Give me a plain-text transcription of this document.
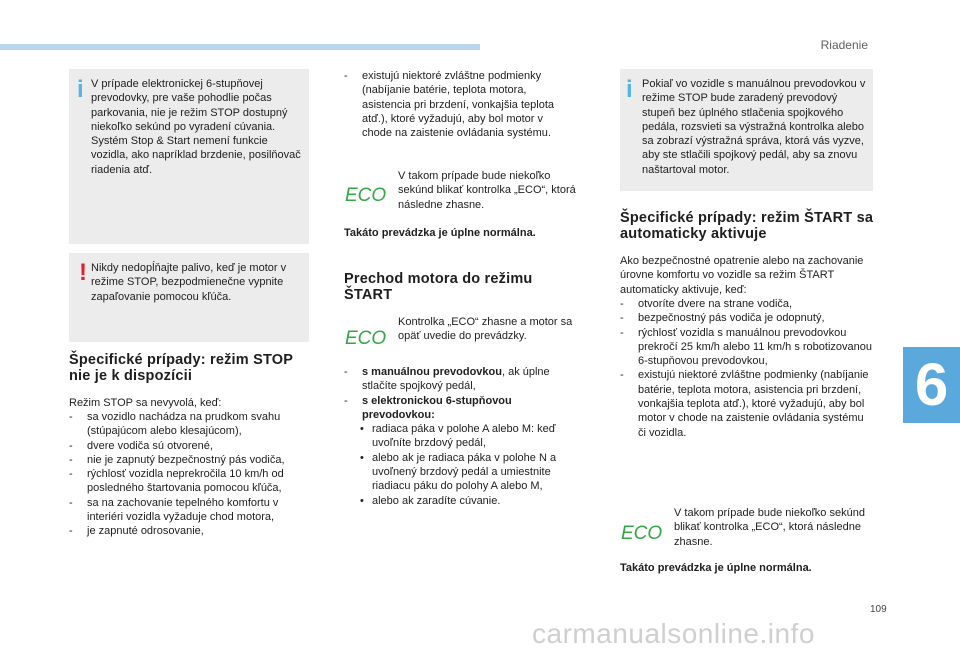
Riadenie
6
i V prípade elektronickej 6-stupňovej prevodovky, pre vaše pohodlie počas parkovania, nie je režim STOP dostupný niekoľko sekúnd po vyradení cúvania. Systém Stop & Start nemení funkcie vozidla, ako napríklad brzdenie, posilňovač riadenia atď.
! Nikdy nedopĺňajte palivo, keď je motor v režime STOP, bezpodmienečne vypnite zapaľovanie pomocou kľúča.
Špecifické prípady: režim STOP nie je k dispozícii
Režim STOP sa nevyvolá, keď:
- sa vozidlo nachádza na prudkom svahu (stúpajúcom alebo klesajúcom),
- dvere vodiča sú otvorené,
- nie je zapnutý bezpečnostný pás vodiča,
- rýchlosť vozidla neprekročila 10 km/h od posledného štartovania pomocou kľúča,
- sa na zachovanie tepelného komfortu v interiéri vozidla vyžaduje chod motora,
- je zapnuté odrosovanie,
- existujú niektoré zvláštne podmienky (nabíjanie batérie, teplota motora, asistencia pri brzdení, vonkajšia teplota atď.), ktoré vyžadujú, aby bol motor v chode na zaistenie ovládania systému.
ECO
V takom prípade bude niekoľko sekúnd blikať kontrolka „ECO“, ktorá následne zhasne.
Takáto prevádzka je úplne normálna.
Prechod motora do režimu ŠTART
ECO
Kontrolka „ECO“ zhasne a motor sa opäť uvedie do prevádzky.
- s manuálnou prevodovkou, ak úplne stlačíte spojkový pedál,
- s elektronickou 6-stupňovou prevodovkou:
• radiaca páka v polohe A alebo M: keď uvoľníte brzdový pedál,
• alebo ak je radiaca páka v polohe N a uvoľnený brzdový pedál a umiestnite riadiacu páku do polohy A alebo M,
• alebo ak zaradíte cúvanie.
i Pokiaľ vo vozidle s manuálnou prevodovkou v režime STOP bude zaradený prevodový stupeň bez úplného stlačenia spojkového pedála, rozsvieti sa výstražná kontrolka alebo sa zobrazí výstražná správa, ktorá vás vyzve, aby ste stlačili spojkový pedál, aby sa znovu naštartoval motor.
Špecifické prípady: režim ŠTART sa automaticky aktivuje
Ako bezpečnostné opatrenie alebo na zachovanie úrovne komfortu vo vozidle sa režim ŠTART automaticky aktivuje, keď:
- otvoríte dvere na strane vodiča,
- bezpečnostný pás vodiča je odopnutý,
- rýchlosť vozidla s manuálnou prevodovkou prekročí 25 km/h alebo 11 km/h s robotizovanou 6-stupňovou prevodovkou,
- existujú niektoré zvláštne podmienky (nabíjanie batérie, teplota motora, asistencia pri brzdení, vonkajšia teplota atď.), ktoré vyžadujú, aby bol motor v chode na zaistenie ovládania systému či vozidla.
ECO
V takom prípade bude niekoľko sekúnd blikať kontrolka „ECO“, ktorá následne zhasne.
Takáto prevádzka je úplne normálna.
109
carmanualsonline.info
